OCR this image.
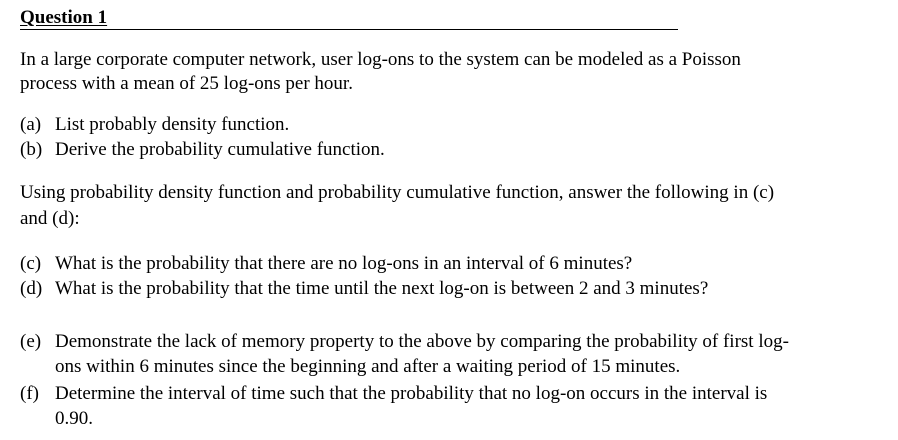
Question 1

In a large corporate computer network, user log-ons to the system can be modeled as a Poisson process with a mean of 25 log-ons per hour.

(a) List probably density function.
(b) Derive the probability cumulative function.

Using probability density function and probability cumulative function, answer the following in (c) and (d):

(c) What is the probability that there are no log-ons in an interval of 6 minutes?
(d) What is the probability that the time until the next log-on is between 2 and 3 minutes?
(e) Demonstrate the lack of memory property to the above by comparing the probability of first log-ons within 6 minutes since the beginning and after a waiting period of 15 minutes.
(f) Determine the interval of time such that the probability that no log-on occurs in the interval is 0.90.
